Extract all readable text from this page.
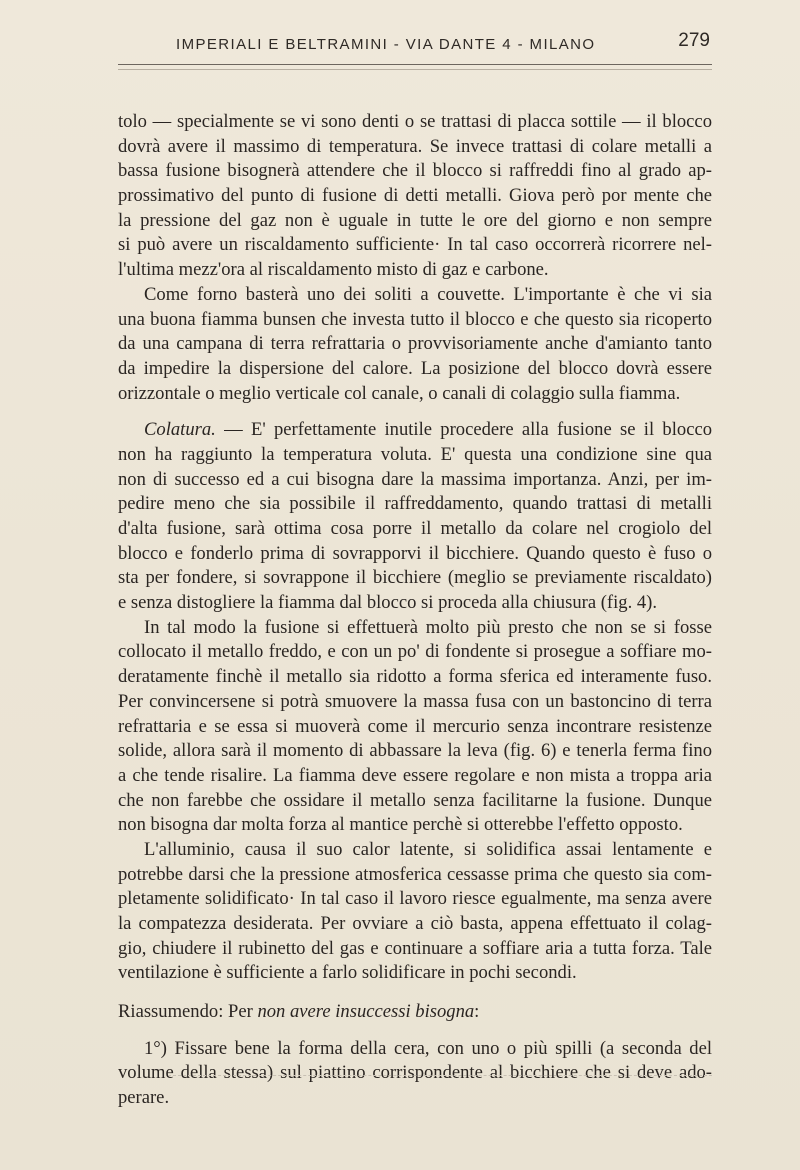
IMPERIALI E BELTRAMINI - VIA DANTE 4 - MILANO	279
tolo — specialmente se vi sono denti o se trattasi di placca sottile — il blocco
dovrà avere il massimo di temperatura. Se invece trattasi di colare metalli a
bassa fusione bisognerà attendere che il blocco si raffreddi fino al grado ap-
prossimativo del punto di fusione di detti metalli. Giova però por mente che
la pressione del gaz non è uguale in tutte le ore del giorno e non sempre
si può avere un riscaldamento sufficiente· In tal caso occorrerà ricorrere nel-
l'ultima mezz'ora al riscaldamento misto di gaz e carbone.
Come forno basterà uno dei soliti a couvette. L'importante è che vi sia
una buona fiamma bunsen che investa tutto il blocco e che questo sia ricoperto
da una campana di terra refrattaria o provvisoriamente anche d'amianto tanto
da impedire la dispersione del calore. La posizione del blocco dovrà essere
orizzontale o meglio verticale col canale, o canali di colaggio sulla fiamma.
Colatura. — E' perfettamente inutile procedere alla fusione se il blocco
non ha raggiunto la temperatura voluta. E' questa una condizione sine qua
non di successo ed a cui bisogna dare la massima importanza. Anzi, per im-
pedire meno che sia possibile il raffreddamento, quando trattasi di metalli
d'alta fusione, sarà ottima cosa porre il metallo da colare nel crogiolo del
blocco e fonderlo prima di sovrapporvi il bicchiere. Quando questo è fuso o
sta per fondere, si sovrappone il bicchiere (meglio se previamente riscaldato)
e senza distogliere la fiamma dal blocco si proceda alla chiusura (fig. 4).
In tal modo la fusione si effettuerà molto più presto che non se si fosse
collocato il metallo freddo, e con un po' di fondente si prosegue a soffiare mo-
deratamente finchè il metallo sia ridotto a forma sferica ed interamente fuso.
Per convincersene si potrà smuovere la massa fusa con un bastoncino di terra
refrattaria e se essa si muoverà come il mercurio senza incontrare resistenze
solide, allora sarà il momento di abbassare la leva (fig. 6) e tenerla ferma fino
a che tende risalire. La fiamma deve essere regolare e non mista a troppa aria
che non farebbe che ossidare il metallo senza facilitarne la fusione. Dunque
non bisogna dar molta forza al mantice perchè si otterebbe l'effetto opposto.
L'alluminio, causa il suo calor latente, si solidifica assai lentamente e
potrebbe darsi che la pressione atmosferica cessasse prima che questo sia com-
pletamente solidificato· In tal caso il lavoro riesce egualmente, ma senza avere
la compatezza desiderata. Per ovviare a ciò basta, appena effettuato il colag-
gio, chiudere il rubinetto del gas e continuare a soffiare aria a tutta forza. Tale
ventilazione è sufficiente a farlo solidificare in pochi secondi.
Riassumendo: Per non avere insuccessi bisogna:
1°) Fissare bene la forma della cera, con uno o più spilli (a seconda del
volume della stessa) sul piattino corrispondente al bicchiere che si deve ado-
perare.
